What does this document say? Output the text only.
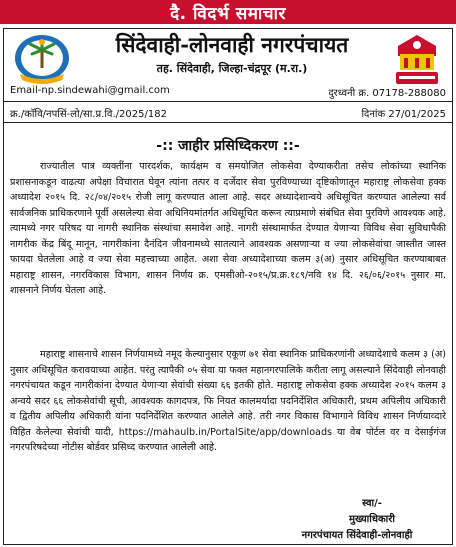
दै. विदर्भ समाचार
सिंदेवाही-लोनवाही नगरपंचायत
तह. सिंदेवाही, जिल्हा-चंद्रपूर (म.रा.)
Email-np.sindewahi@gmail.com	दुरध्वनी क्र. 07178-288080
क्र./काॅवि/नपसिं-लो/सा.प्र.वि./2025/182	दिनांक 27/01/2025
-:: जाहीर प्रसिध्दिकरण ::-

राज्यातील पात्र व्यक्तींना पारदर्शक, कार्यक्षम व समयोजित लोकसेवा देण्याकरीता तसेच लोकांच्या स्थानिक प्रशासनाकडून वाढत्या अपेक्षा विचारात घेवून त्यांना तत्पर व दर्जेदार सेवा पुरविण्याच्या दृष्टिकोणातून महाराष्ट्र लोकसेवा हक्क अध्यादेश २०१५ दि. २८/०४/२०१५ रोजी लागू करण्यात आला आहे. सदर अध्यादेशान्वये अधिसूचित करण्यात आलेल्या सर्व सार्वजनिक प्राधिकरणाने पूर्वी असलेल्या सेवा अधिनियमांतर्गत अधिसूचित करून त्याप्रमाणे संबंधित सेवा पुरविणे आवश्यक आहे. त्यामध्ये नगर परिषद या नागरी स्थानिक संस्थांचा समावेश आहे. नागरी संस्थामार्फत देण्यात येणाऱ्या विविध सेवा सुविधापैकी नागरीक केंद्र बिंदू मानून, नागरीकांना दैनंदिन जीवनामध्ये सातत्याने आवश्यक असणाऱ्या व ज्या लोकसेवांचा जास्तीत जास्त फायदा घेतलेला आहे व ज्या सेवा महत्त्वाच्या आहेत. अशा सेवा अध्यादेशाच्या कलम ३(अ) नुसार अधिसूचित करण्याबाबत महाराष्ट्र शासन, नगरविकास विभाग, शासन निर्णय क्र. एमसीओ-२०१५/प्र.क्र.१८९/नवि १४ दि. २६/०६/२०१५ नुसार मा. शासनाने निर्णय घेतला आहे.

महाराष्ट्र शासनाचे शासन निर्णयामध्ये नमूद केल्यानुसार एकूण ७१ सेवा स्थानिक प्राधिकरणांनी अध्यादेशाचे कलम ३ (अ) नुसार अधिसूचित करावयाच्या आहेत. परंतु त्यापैकी ०५ सेवा या फक्त महानगरपालिके करीता लागू असल्याने सिंदेवाही लोनवाही नगरपंचायत कडून नागरीकांना देण्यात येणाऱ्या सेवांची संख्या ६६ इतकी होते. महाराष्ट्र लोकसेवा हक्क अध्यादेश २०१५ कलम ३ अन्वये सदर ६६ लोकसेवांची सूची, आवश्यक कागदपत्र, फि नियत कालमर्यादा पदनिर्देशित अधिकारी, प्रथम अपिलीय अधिकारी व द्वितीय अपिलीय अधिकारी यांना पदनिर्देशित करण्यात आलेले आहे. तरी नगर विकास विभागाने विविध शासन निर्णयाव्दारे विहित केलेल्या सेवांची यादी, https://mahaulb.in/PortalSite/app/downloads या वेब पोर्टल वर व देसाईगंज नगरपरिषदेच्या नोटीस बोर्डवर प्रसिध्द करण्यात आलेली आहे.

स्वा/-
मुख्याधिकारी
नगरपंचायत सिंदेवाही-लोनवाही
